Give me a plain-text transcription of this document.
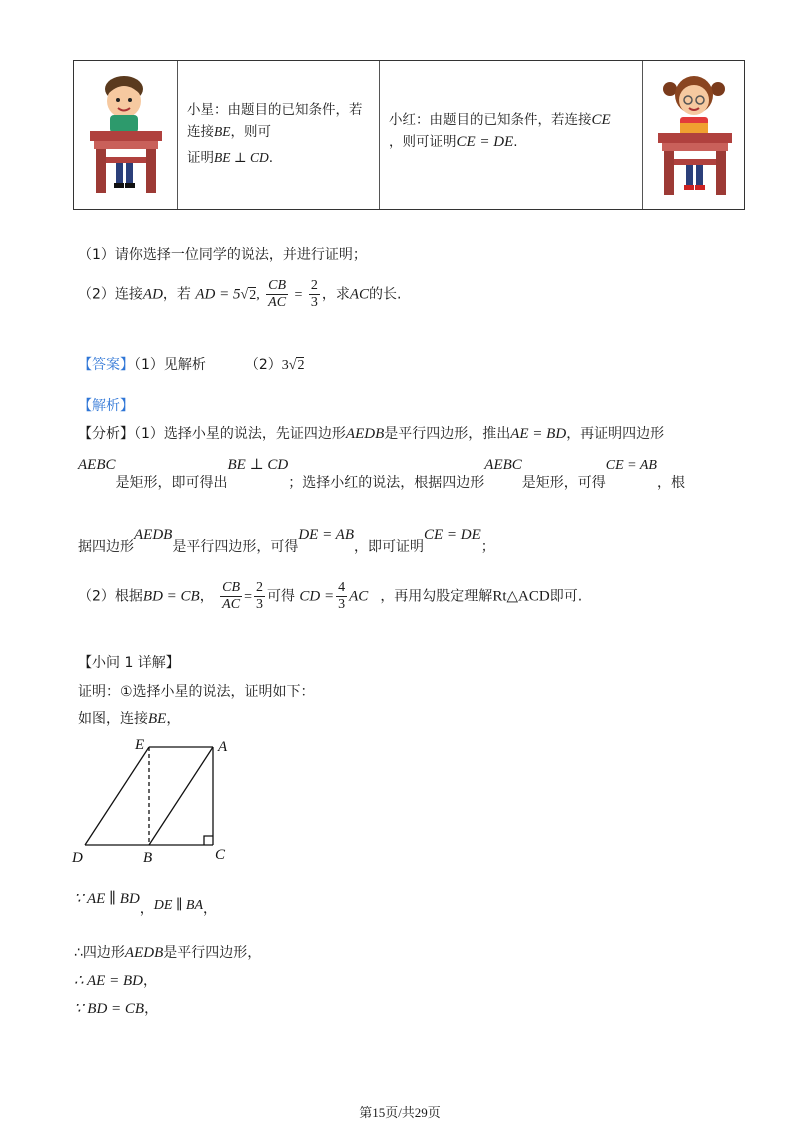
小星：由题目的已知条件，若
连接BE，则可
证明BE ⊥ CD.
小红：由题目的已知条件，若连接CE
，则可证明CE = DE.
（1）请你选择一位同学的说法，并进行证明；
（2）连接AD，若 AD = 5√2, $\frac{CB}{AC} = \frac{2}{3}$ ，求AC的长.
【答案】（1）见解析	（2）3√2
【解析】
【分析】（1）选择小星的说法，先证四边形AEDB是平行四边形，推出AE = BD，再证明四边形
AEBC是矩形，即可得出BE ⊥ CD；选择小红的说法，根据四边形AEBC是矩形，可得CE = AB，根
据四边形AEDB是平行四边形，可得DE = AB，即可证明CE = DE；
（2）根据BD = CB， $\frac{CB}{AC} = \frac{2}{3}$ 可得 CD = $\frac{4}{3}$ AC ，再用勾股定理解Rt△ACD即可.
【小问 1 详解】
证明：①选择小星的说法，证明如下：
如图，连接BE，
E	A
D	B	C
∵ AE ∥ BD，DE ∥ BA，
∴四边形AEDB是平行四边形，
∴ AE = BD，
∵ BD = CB，
第15页/共29页
